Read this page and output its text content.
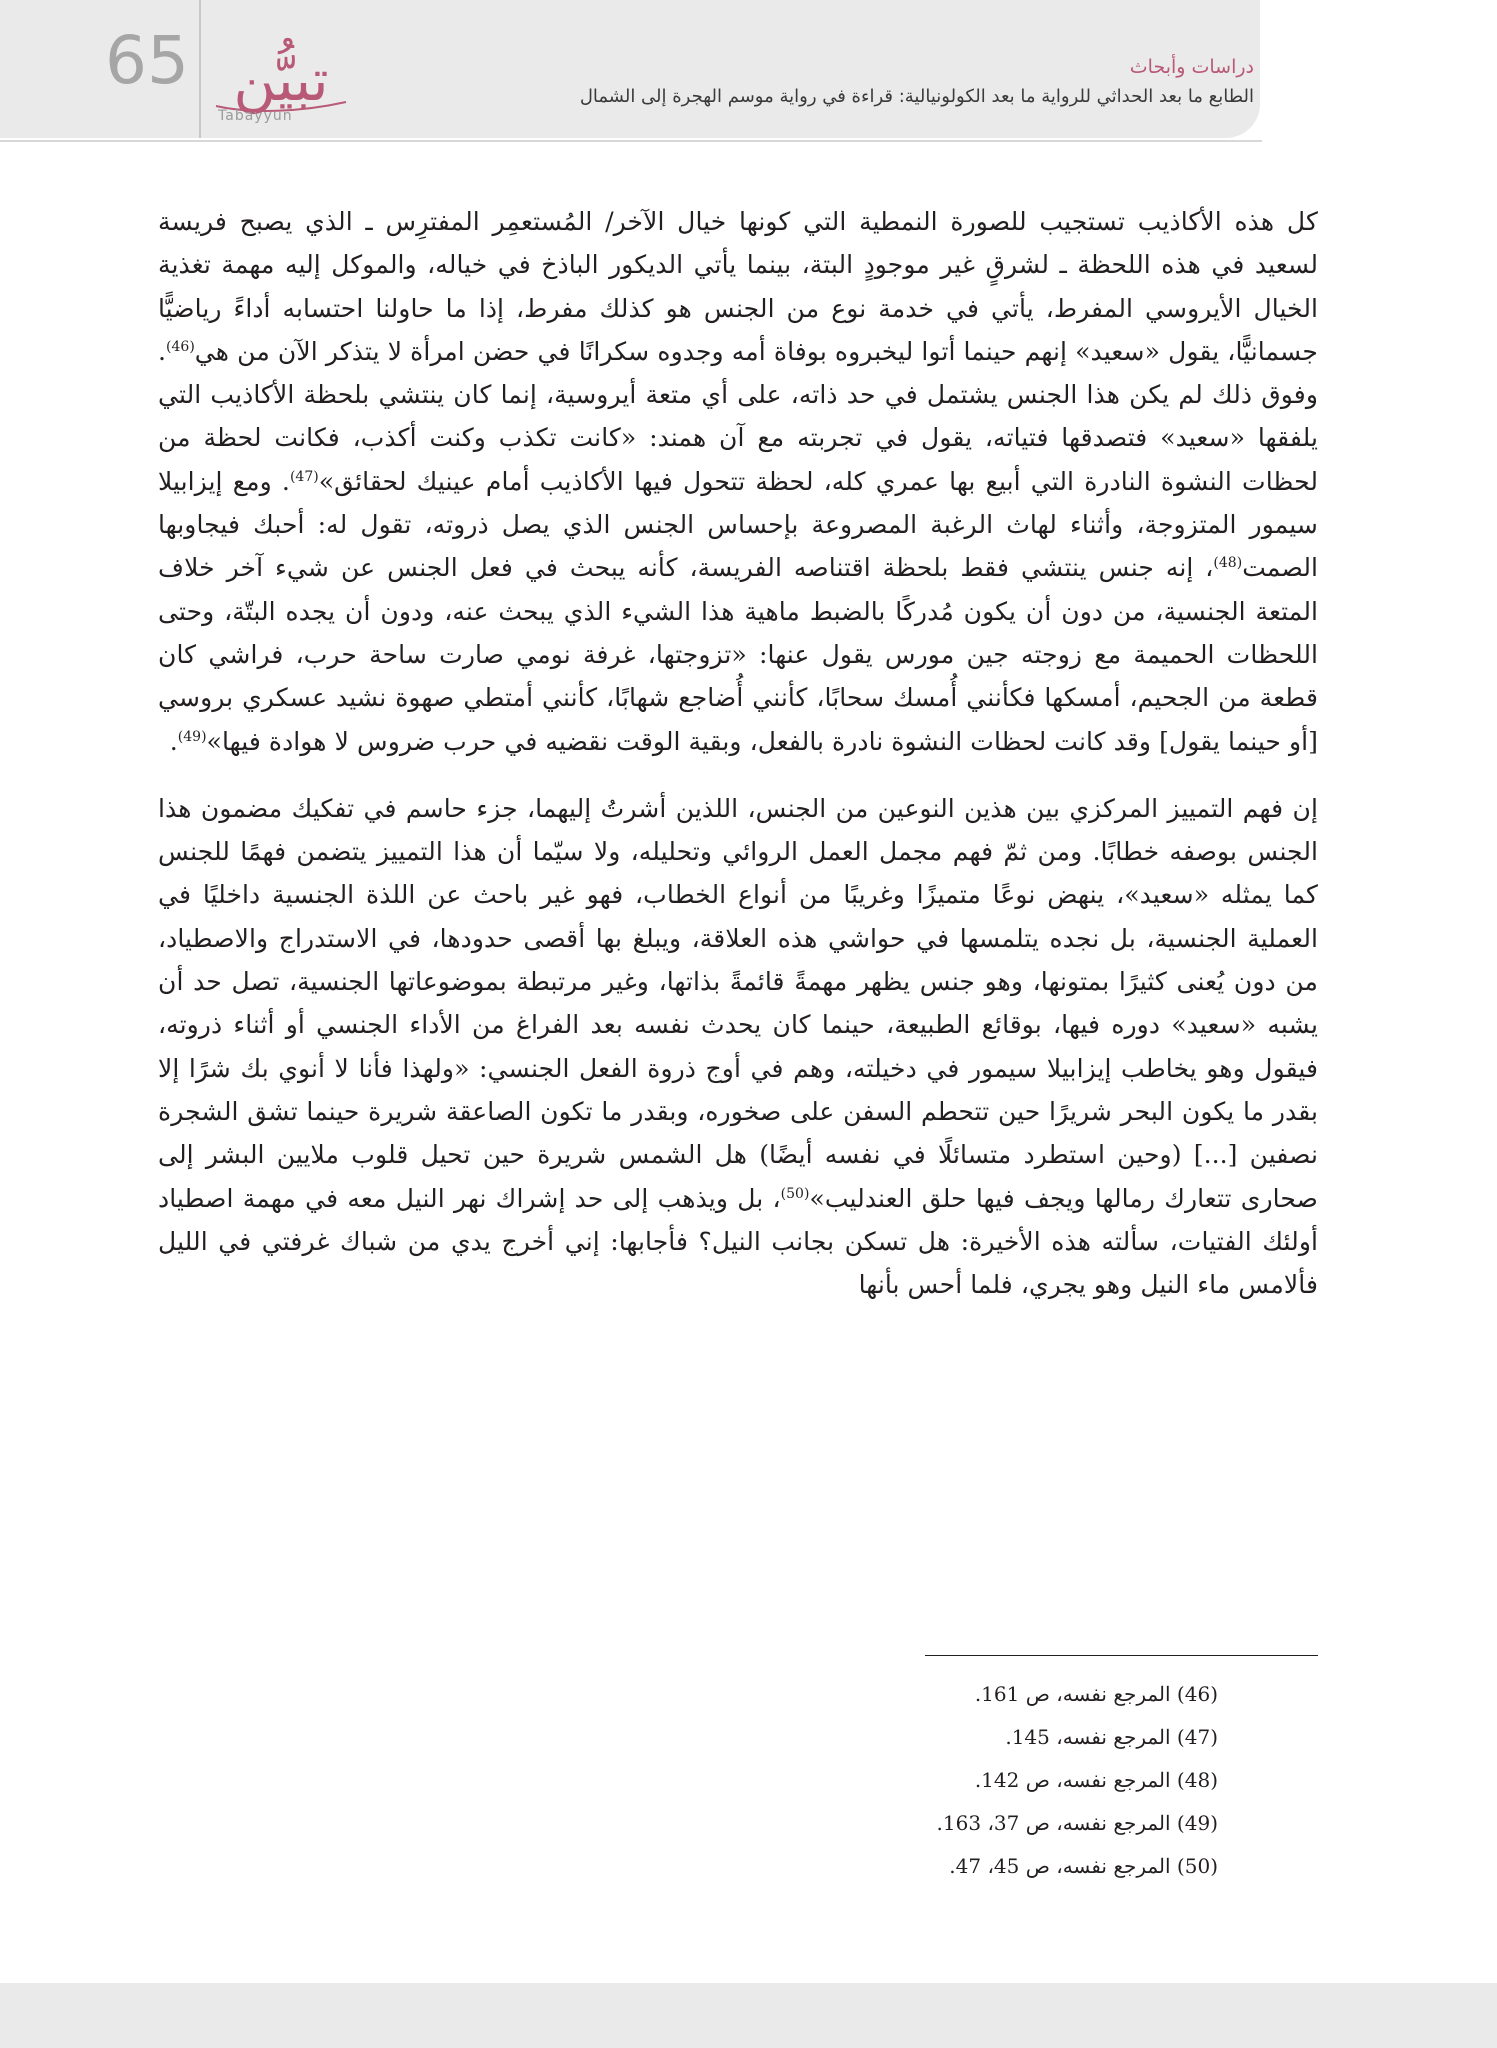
65 تبيُّن
Tabayyun
دراسات وأبحاث
الطابع ما بعد الحداثي للرواية ما بعد الكولونيالية: قراءة في رواية موسم الهجرة إلى الشمال

كل هذه الأكاذيب تستجيب للصورة النمطية التي كونها خيال الآخر/ المُستعمِر المفترِس ـ الذي يصبح فريسة لسعيد في هذه اللحظة ـ لشرقٍ غير موجودٍ البتة، بينما يأتي الديكور الباذخ في خياله، والموكل إليه مهمة تغذية الخيال الأيروسي المفرط، يأتي في خدمة نوع من الجنس هو كذلك مفرط، إذا ما حاولنا احتسابه أداءً رياضيًّا جسمانيًّا، يقول «سعيد» إنهم حينما أتوا ليخبروه بوفاة أمه وجدوه سكرانًا في حضن امرأة لا يتذكر الآن من هي$^{(46)}$. وفوق ذلك لم يكن هذا الجنس يشتمل في حد ذاته، على أي متعة أيروسية، إنما كان ينتشي بلحظة الأكاذيب التي يلفقها «سعيد» فتصدقها فتياته، يقول في تجربته مع آن همند: «كانت تكذب وكنت أكذب، فكانت لحظة من لحظات النشوة النادرة التي أبيع بها عمري كله، لحظة تتحول فيها الأكاذيب أمام عينيك لحقائق»$^{(47)}$. ومع إيزابيلا سيمور المتزوجة، وأثناء لهاث الرغبة المصروعة بإحساس الجنس الذي يصل ذروته، تقول له: أحبك فيجاوبها الصمت$^{(48)}$، إنه جنس ينتشي فقط بلحظة اقتناصه الفريسة، كأنه يبحث في فعل الجنس عن شيء آخر خلاف المتعة الجنسية، من دون أن يكون مُدركًا بالضبط ماهية هذا الشيء الذي يبحث عنه، ودون أن يجده البتّة، وحتى اللحظات الحميمة مع زوجته جين مورس يقول عنها: «تزوجتها، غرفة نومي صارت ساحة حرب، فراشي كان قطعة من الجحيم، أمسكها فكأنني أُمسك سحابًا، كأنني أُضاجع شهابًا، كأنني أمتطي صهوة نشيد عسكري بروسي [أو حينما يقول] وقد كانت لحظات النشوة نادرة بالفعل، وبقية الوقت نقضيه في حرب ضروس لا هوادة فيها»$^{(49)}$.

إن فهم التمييز المركزي بين هذين النوعين من الجنس، اللذين أشرتُ إليهما، جزء حاسم في تفكيك مضمون هذا الجنس بوصفه خطابًا. ومن ثمّ فهم مجمل العمل الروائي وتحليله، ولا سيّما أن هذا التمييز يتضمن فهمًا للجنس كما يمثله «سعيد»، ينهض نوعًا متميزًا وغريبًا من أنواع الخطاب، فهو غير باحث عن اللذة الجنسية داخليًا في العملية الجنسية، بل نجده يتلمسها في حواشي هذه العلاقة، ويبلغ بها أقصى حدودها، في الاستدراج والاصطياد، من دون يُعنى كثيرًا بمتونها، وهو جنس يظهر مهمةً قائمةً بذاتها، وغير مرتبطة بموضوعاتها الجنسية، تصل حد أن يشبه «سعيد» دوره فيها، بوقائع الطبيعة، حينما كان يحدث نفسه بعد الفراغ من الأداء الجنسي أو أثناء ذروته، فيقول وهو يخاطب إيزابيلا سيمور في دخيلته، وهم في أوج ذروة الفعل الجنسي: «ولهذا فأنا لا أنوي بك شرًا إلا بقدر ما يكون البحر شريرًا حين تتحطم السفن على صخوره، وبقدر ما تكون الصاعقة شريرة حينما تشق الشجرة نصفين [...] (وحين استطرد متسائلًا في نفسه أيضًا) هل الشمس شريرة حين تحيل قلوب ملايين البشر إلى صحارى تتعارك رمالها ويجف فيها حلق العندليب»$^{(50)}$، بل ويذهب إلى حد إشراك نهر النيل معه في مهمة اصطياد أولئك الفتيات، سألته هذه الأخيرة: هل تسكن بجانب النيل؟ فأجابها: إني أخرج يدي من شباك غرفتي في الليل فألامس ماء النيل وهو يجري، فلما أحس بأنها

(46) المرجع نفسه، ص 161.
(47) المرجع نفسه، 145.
(48) المرجع نفسه، ص 142.
(49) المرجع نفسه، ص 37، 163.
(50) المرجع نفسه، ص 45، 47.
